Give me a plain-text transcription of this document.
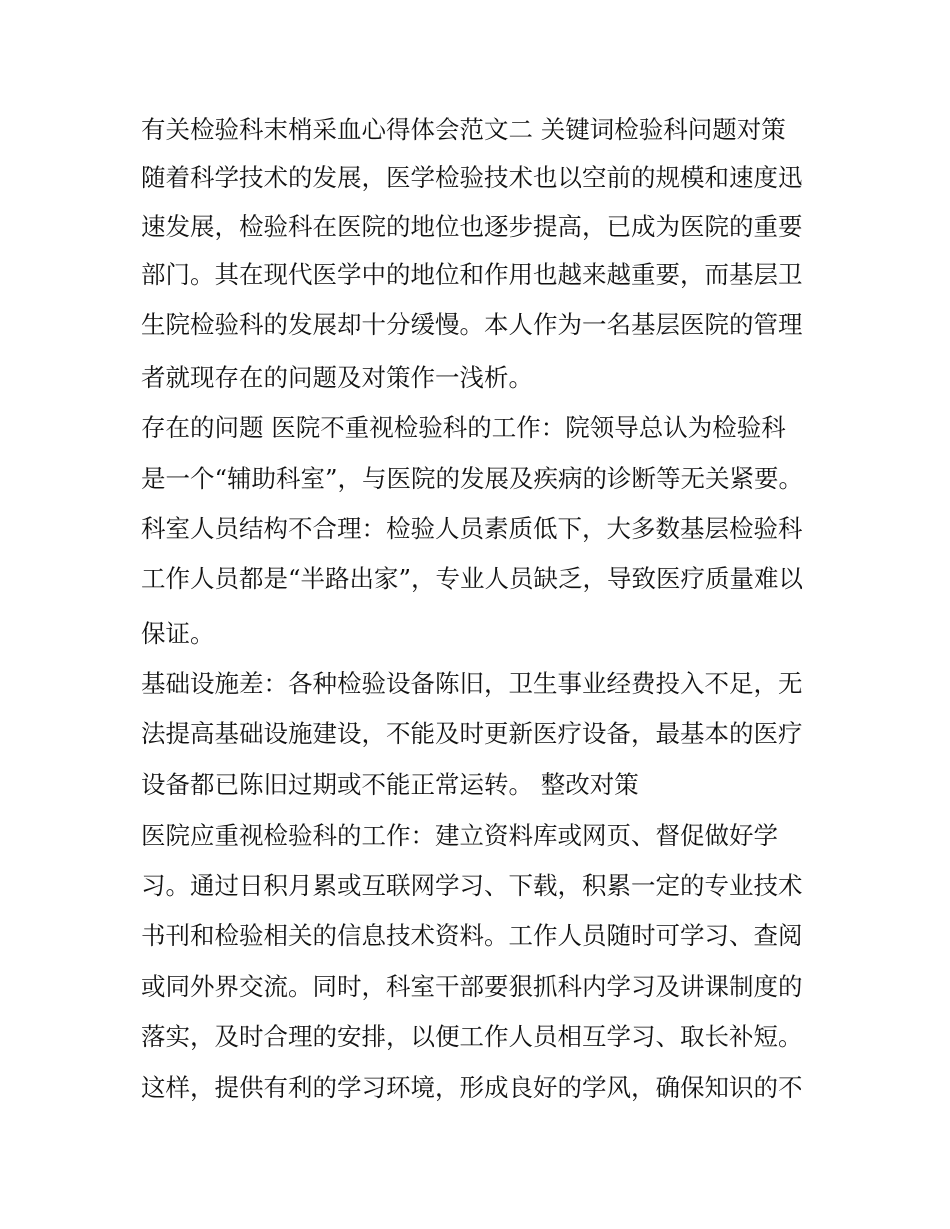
有关检验科末梢采血心得体会范文二 关键词检验科问题对策
随着科学技术的发展，医学检验技术也以空前的规模和速度迅
速发展，检验科在医院的地位也逐步提高，已成为医院的重要
部门。其在现代医学中的地位和作用也越来越重要，而基层卫
生院检验科的发展却十分缓慢。本人作为一名基层医院的管理
者就现存在的问题及对策作一浅析。
存在的问题 医院不重视检验科的工作：院领导总认为检验科
是一个“辅助科室”，与医院的发展及疾病的诊断等无关紧要。
科室人员结构不合理：检验人员素质低下，大多数基层检验科
工作人员都是“半路出家”，专业人员缺乏，导致医疗质量难以
保证。
基础设施差：各种检验设备陈旧，卫生事业经费投入不足，无
法提高基础设施建设，不能及时更新医疗设备，最基本的医疗
设备都已陈旧过期或不能正常运转。 整改对策
医院应重视检验科的工作：建立资料库或网页、督促做好学
习。通过日积月累或互联网学习、下载，积累一定的专业技术
书刊和检验相关的信息技术资料。工作人员随时可学习、查阅
或同外界交流。同时，科室干部要狠抓科内学习及讲课制度的
落实，及时合理的安排，以便工作人员相互学习、取长补短。
这样，提供有利的学习环境，形成良好的学风，确保知识的不
